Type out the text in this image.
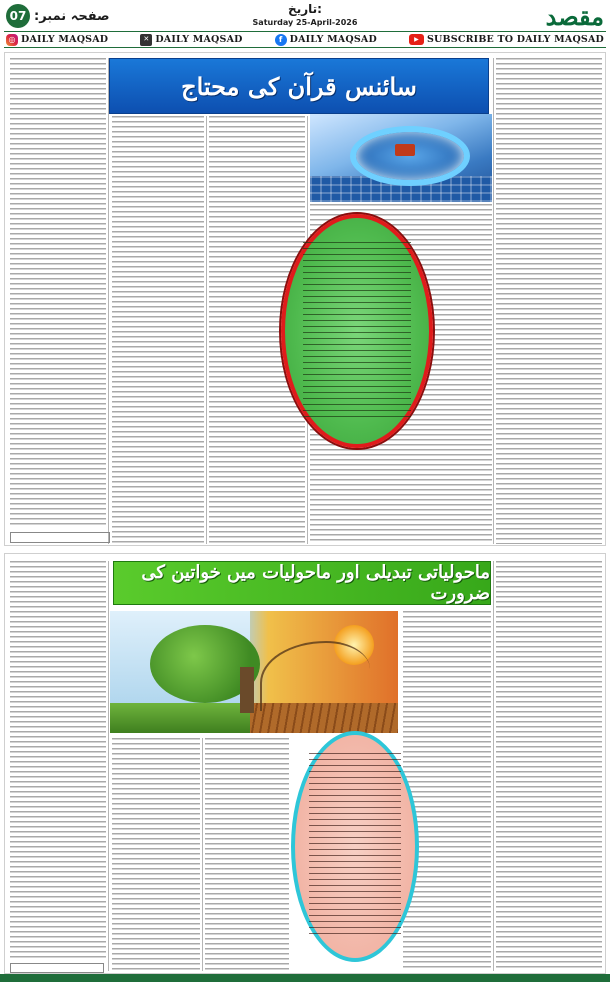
مقصد
تاریخ:
Saturday 25-April-2026
صفحہ نمبر:
07
◎ DAILY MAQSAD	✕ DAILY MAQSAD	f DAILY MAQSAD	▶ SUBSCRIBE TO DAILY MAQSAD
سائنس قرآن کی محتاج
ماحولیاتی تبدیلی اور ماحولیات میں خواتین کی ضرورت
